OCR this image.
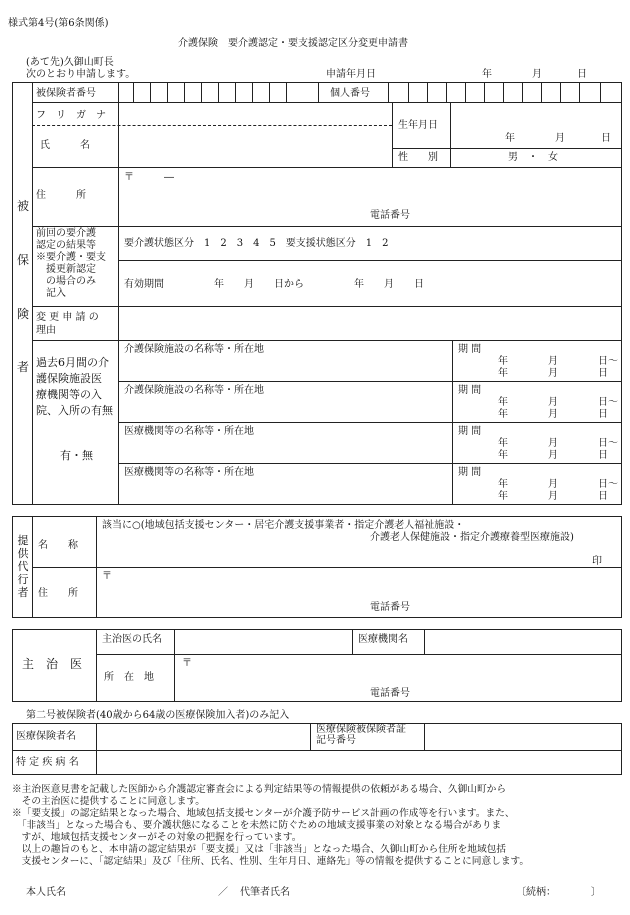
様式第4号(第6条関係)
介護保険　要介護認定・要支援認定区分変更申請書
(あて先)久御山町長
次のとおり申請します。	申請年月日	年	月	日
被
保
険
者
被保険者番号	個人番号
フ　リ　ガ　ナ
氏　　　名
生年月日
年	月	日
性　　別	男　・　女
住　　　所
〒　　　―
電話番号
前回の要介護
認定の結果等
※要介護・要支
　援更新認定
　の場合のみ
　記入
要介護状態区分　1　2　3　4　5　要支援状態区分　1　2
有効期間　　　　　年　　月　　日から　　　　　年　　月　　日
変 更 申 請 の
理由
過去6月間の介
護保険施設医
療機関等の入
院、入所の有無
有・無
介護保険施設の名称等・所在地	期 間
年　　　　月　　　　日～
年　　　　月　　　　日
介護保険施設の名称等・所在地	期 間
年　　　　月　　　　日～
年　　　　月　　　　日
医療機関等の名称等・所在地	期 間
年　　　　月　　　　日～
年　　　　月　　　　日
医療機関等の名称等・所在地	期 間
年　　　　月　　　　日～
年　　　　月　　　　日
提
供
代
行
者
名　　称
該当に○(地域包括支援センター・居宅介護支援事業者・指定介護老人福祉施設・
介護老人保健施設・指定介護療養型医療施設)
印
住　　所
〒
電話番号
主　治　医
主治医の氏名	医療機関名
所　在　地
〒
電話番号
第二号被保険者(40歳から64歳の医療保険加入者)のみ記入
医療保険者名
医療保険被保険者証
記号番号
特 定 疾 病 名
※主治医意見書を記載した医師から介護認定審査会による判定結果等の情報提供の依頼がある場合、久御山町から
　その主治医に提供することに同意します。
※「要支援」の認定結果となった場合、地域包括支援センターが介護予防サービス計画の作成等を行います。また、
　「非該当」となった場合も、要介護状態になることを未然に防ぐための地域支援事業の対象となる場合がありま
　すが、地域包括支援センターがその対象の把握を行っています。
　以上の趣旨のもと、本申請の認定結果が「要支援」又は「非該当」となった場合、久御山町から住所を地域包括
　支援センターに、「認定結果」及び「住所、氏名、性別、生年月日、連絡先」等の情報を提供することに同意します。
本人氏名	／ 代筆者氏名	〔続柄：　　　　〕
